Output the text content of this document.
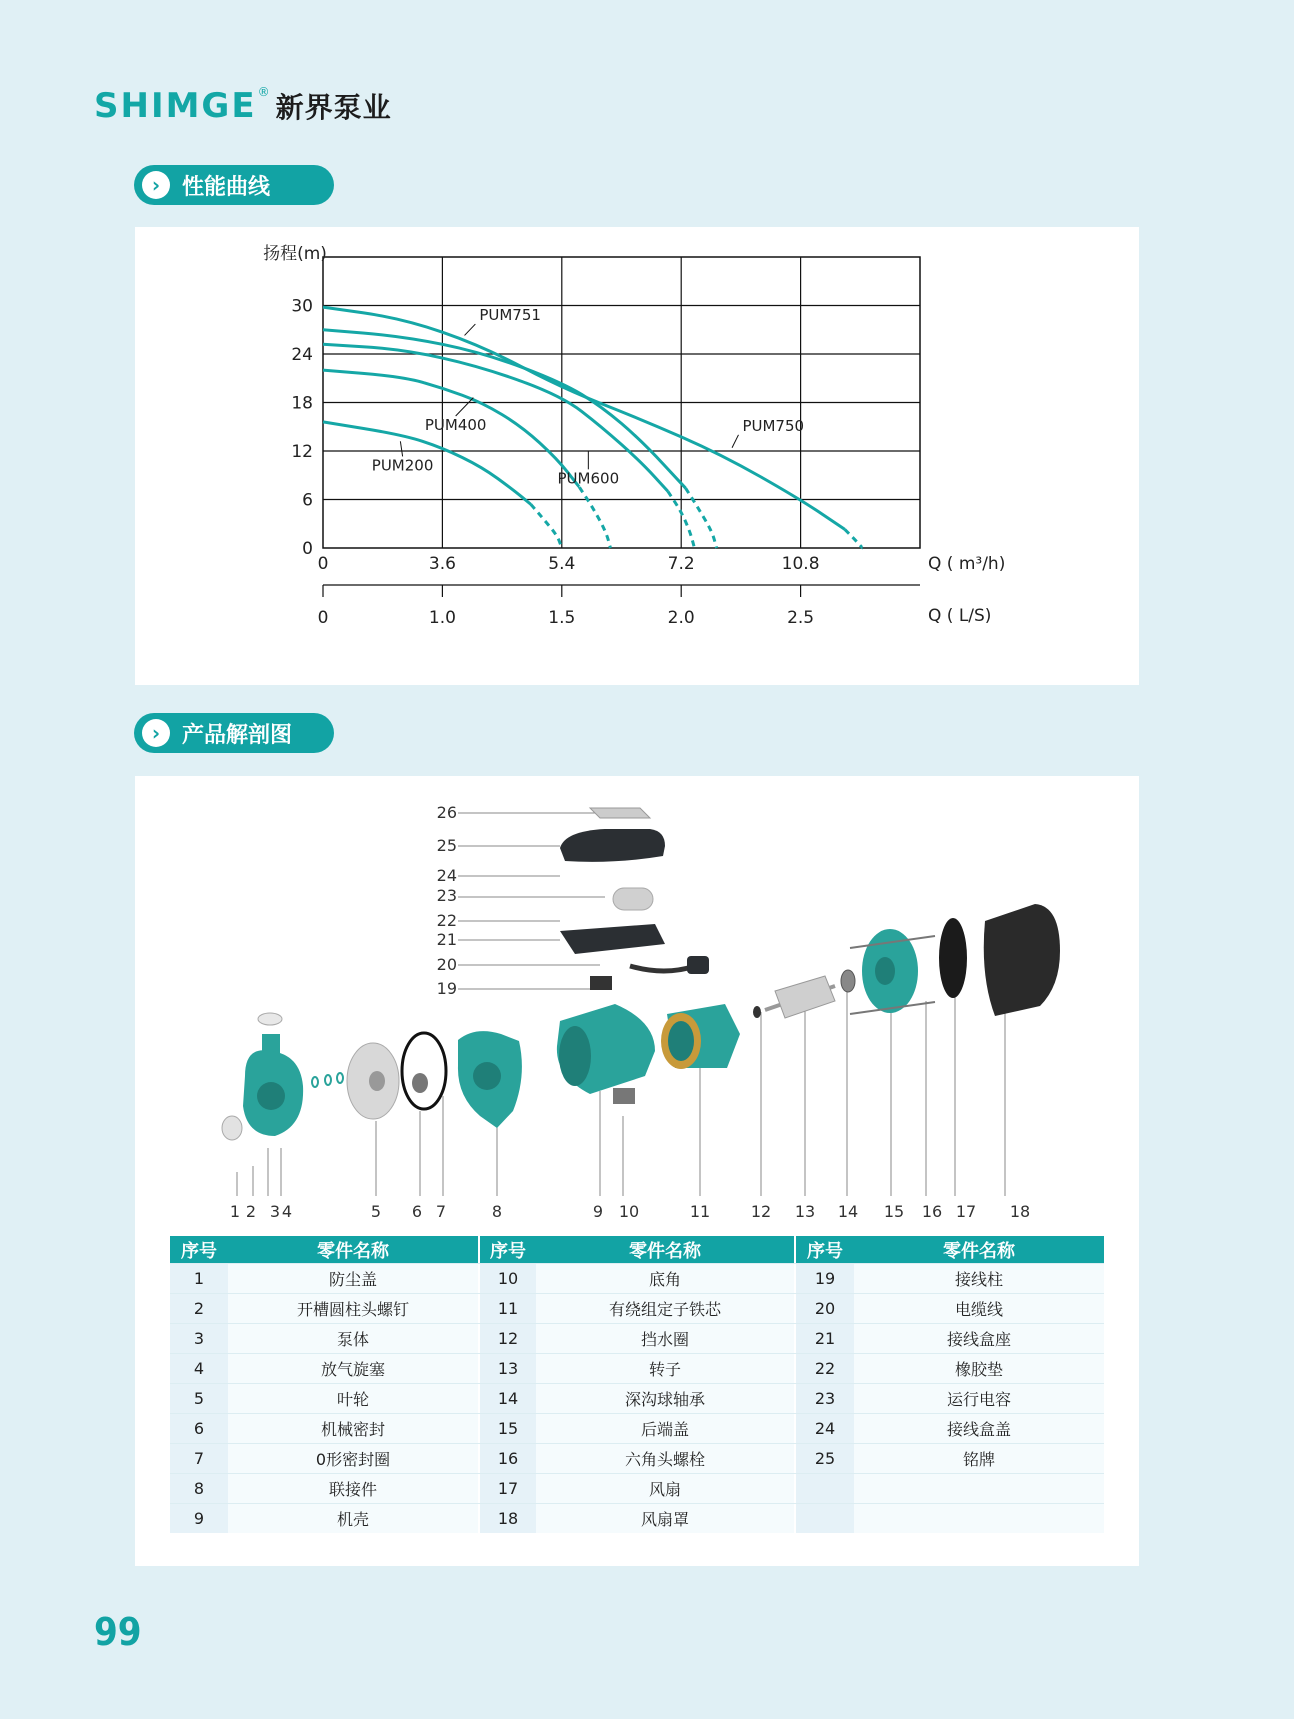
SHIMGE ® 新界泵业
› 性能曲线
0
6
12
18
24
30
扬程(m)
0	3.6	5.4	7.2	10.8	Q ( m³/h)
0	1.0	1.5	2.0	2.5	Q ( L/S)
PUM200
PUM400
PUM600
PUM751
PUM750
› 产品解剖图
26
25
24
23
22
21
20
19
1 2 3 4	5 6 7	8	9 10	11	12 13 14 15 16 17 18
序号	零件名称		序号	零件名称		序号	零件名称
1	防尘盖		10	底角		19	接线柱
2	开槽圆柱头螺钉		11	有绕组定子铁芯		20	电缆线
3	泵体		12	挡水圈		21	接线盒座
4	放气旋塞		13	转子		22	橡胶垫
5	叶轮		14	深沟球轴承		23	运行电容
6	机械密封		15	后端盖		24	接线盒盖
7	0形密封圈		16	六角头螺栓		25	铭牌
8	联接件		17	风扇			
9	机壳		18	风扇罩			
99
